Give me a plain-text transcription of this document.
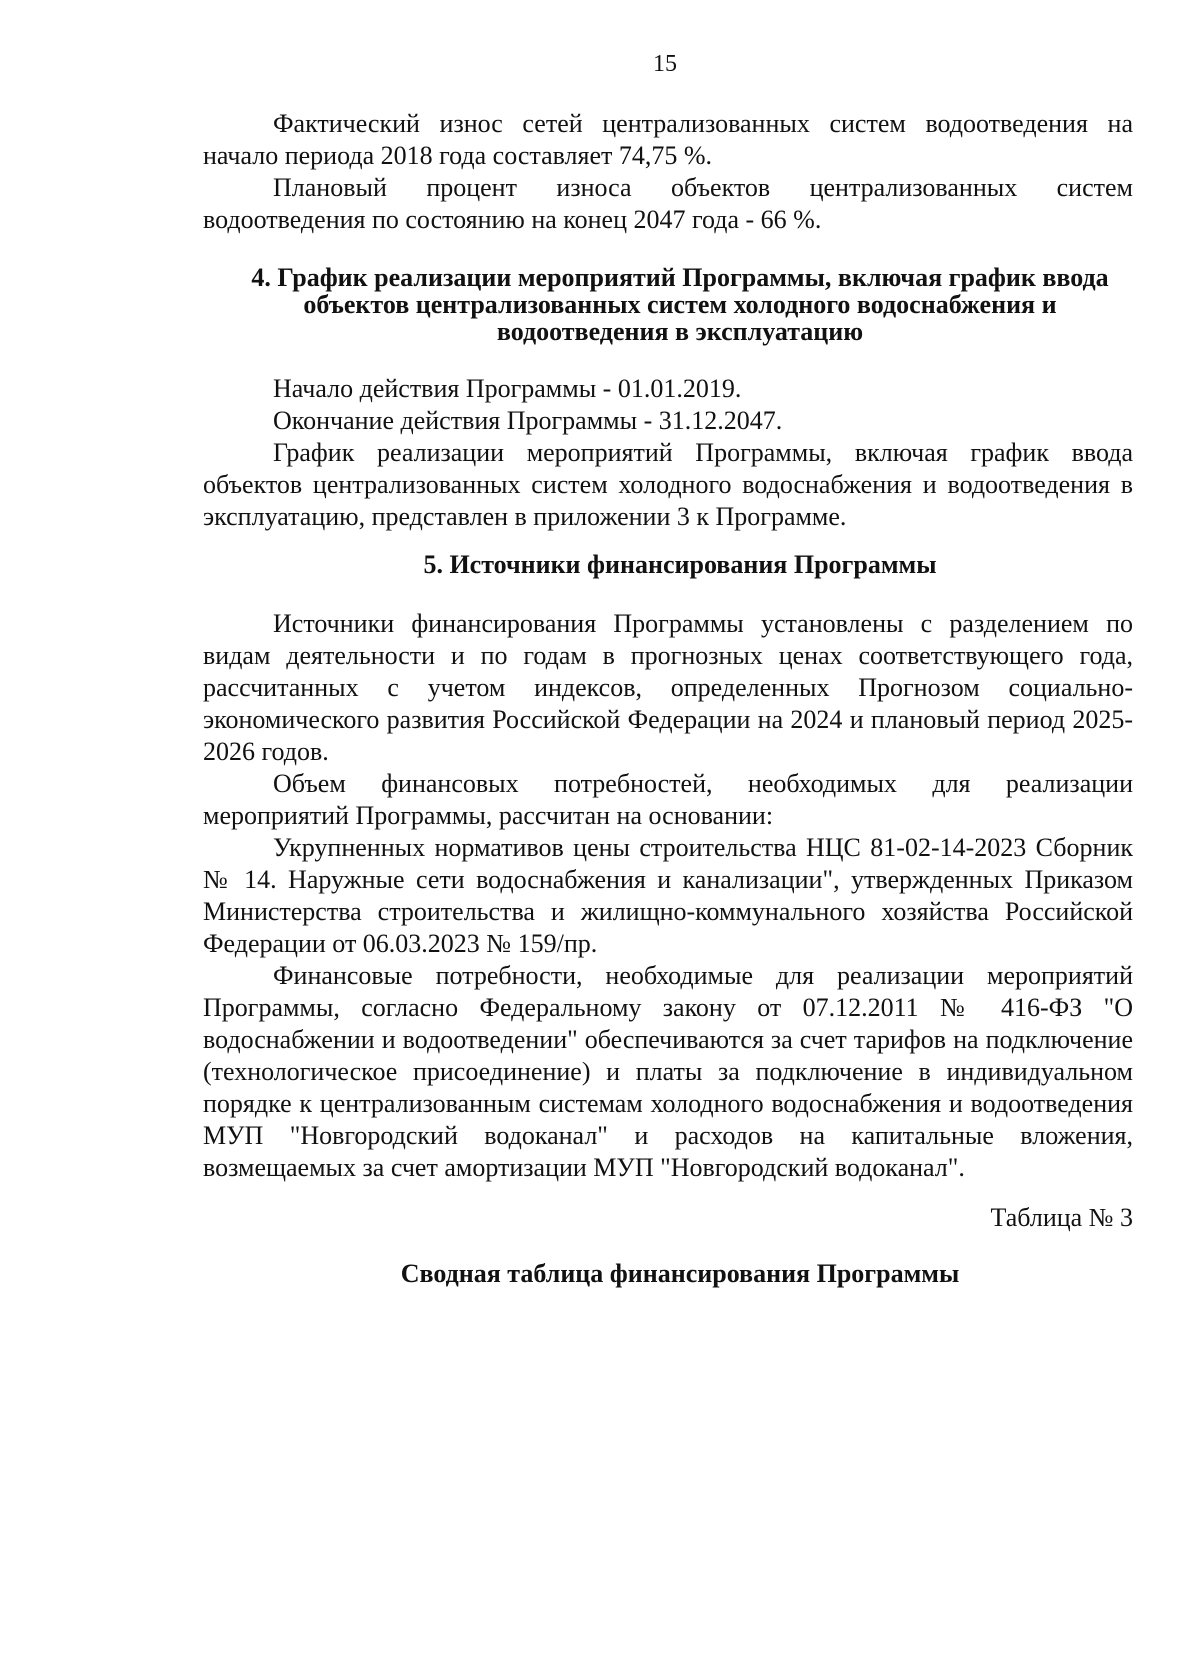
15

Фактический износ сетей централизованных систем водоотведения на начало периода 2018 года составляет 74,75 %.

Плановый процент износа объектов централизованных систем водоотведения по состоянию на конец 2047 года - 66 %.

4. График реализации мероприятий Программы, включая график ввода объектов централизованных систем холодного водоснабжения и водоотведения в эксплуатацию

Начало действия Программы - 01.01.2019.

Окончание действия Программы - 31.12.2047.

График реализации мероприятий Программы, включая график ввода объектов централизованных систем холодного водоснабжения и водоотведения в эксплуатацию, представлен в приложении 3 к Программе.

5. Источники финансирования Программы

Источники финансирования Программы установлены с разделением по видам деятельности и по годам в прогнозных ценах соответствующего года, рассчитанных с учетом индексов, определенных Прогнозом социально-экономического развития Российской Федерации на 2024 и плановый период 2025-2026 годов.

Объем финансовых потребностей, необходимых для реализации мероприятий Программы, рассчитан на основании:

Укрупненных нормативов цены строительства НЦС 81-02-14-2023 Сборник № 14. Наружные сети водоснабжения и канализации", утвержденных Приказом Министерства строительства и жилищно-коммунального хозяйства Российской Федерации от 06.03.2023 № 159/пр.

Финансовые потребности, необходимые для реализации мероприятий Программы, согласно Федеральному закону от 07.12.2011 № 416-ФЗ "О водоснабжении и водоотведении" обеспечиваются за счет тарифов на подключение (технологическое присоединение) и платы за подключение в индивидуальном порядке к централизованным системам холодного водоснабжения и водоотведения МУП "Новгородский водоканал" и расходов на капитальные вложения, возмещаемых за счет амортизации МУП "Новгородский водоканал".

Таблица № 3

Сводная таблица финансирования Программы
